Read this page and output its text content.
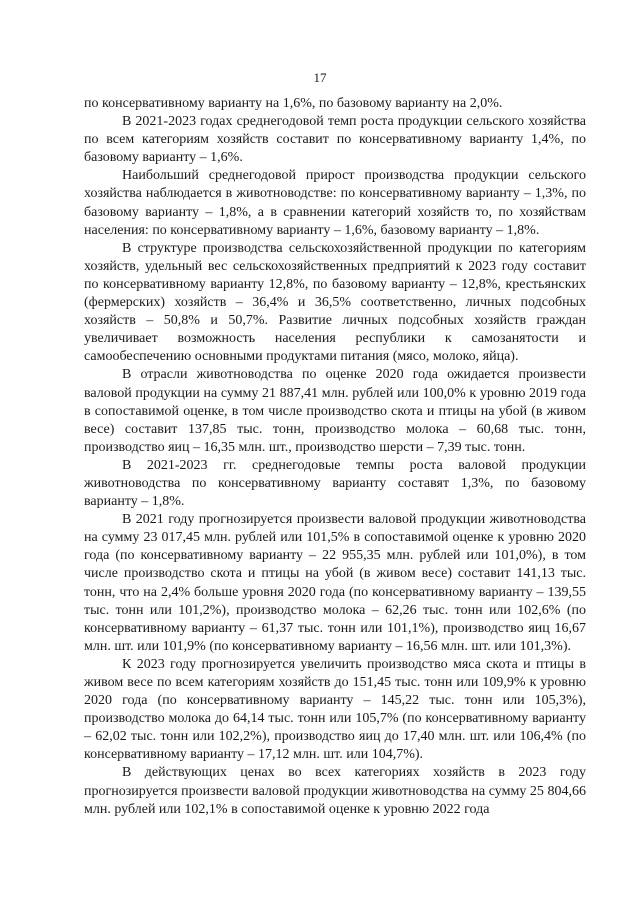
17

по консервативному варианту на 1,6%, по базовому варианту на 2,0%.

В 2021-2023 годах среднегодовой темп роста продукции сельского хозяйства по всем категориям хозяйств составит по консервативному варианту 1,4%, по базовому варианту – 1,6%.

Наибольший среднегодовой прирост производства продукции сельского хозяйства наблюдается в животноводстве: по консервативному варианту – 1,3%, по базовому варианту – 1,8%, а в сравнении категорий хозяйств то, по хозяйствам населения: по консервативному варианту – 1,6%, базовому варианту – 1,8%.

В структуре производства сельскохозяйственной продукции по категориям хозяйств, удельный вес сельскохозяйственных предприятий к 2023 году составит по консервативному варианту 12,8%, по базовому варианту – 12,8%, крестьянских (фермерских) хозяйств – 36,4% и 36,5% соответственно, личных подсобных хозяйств – 50,8% и 50,7%. Развитие личных подсобных хозяйств граждан увеличивает возможность населения республики к самозанятости и самообеспечению основными продуктами питания (мясо, молоко, яйца).

В отрасли животноводства по оценке 2020 года ожидается произвести валовой продукции на сумму 21 887,41 млн. рублей или 100,0% к уровню 2019 года в сопоставимой оценке, в том числе производство скота и птицы на убой (в живом весе) составит 137,85 тыс. тонн, производство молока – 60,68 тыс. тонн, производство яиц – 16,35 млн. шт., производство шерсти – 7,39 тыс. тонн.

В 2021-2023 гг. среднегодовые темпы роста валовой продукции животноводства по консервативному варианту составят 1,3%, по базовому варианту – 1,8%.

В 2021 году прогнозируется произвести валовой продукции животноводства на сумму 23 017,45 млн. рублей или 101,5% в сопоставимой оценке к уровню 2020 года (по консервативному варианту – 22 955,35 млн. рублей или 101,0%), в том числе производство скота и птицы на убой (в живом весе) составит 141,13 тыс. тонн, что на 2,4% больше уровня 2020 года (по консервативному варианту – 139,55 тыс. тонн или 101,2%), производство молока – 62,26 тыс. тонн или 102,6% (по консервативному варианту – 61,37 тыс. тонн или 101,1%), производство яиц 16,67 млн. шт. или 101,9% (по консервативному варианту – 16,56 млн. шт. или 101,3%).

К 2023 году прогнозируется увеличить производство мяса скота и птицы в живом весе по всем категориям хозяйств до 151,45 тыс. тонн или 109,9% к уровню 2020 года (по консервативному варианту – 145,22 тыс. тонн или 105,3%), производство молока до 64,14 тыс. тонн или 105,7% (по консервативному варианту – 62,02 тыс. тонн или 102,2%), производство яиц до 17,40 млн. шт. или 106,4% (по консервативному варианту – 17,12 млн. шт. или 104,7%).

В действующих ценах во всех категориях хозяйств в 2023 году прогнозируется произвести валовой продукции животноводства на сумму 25 804,66 млн. рублей или 102,1% в сопоставимой оценке к уровню 2022 года
